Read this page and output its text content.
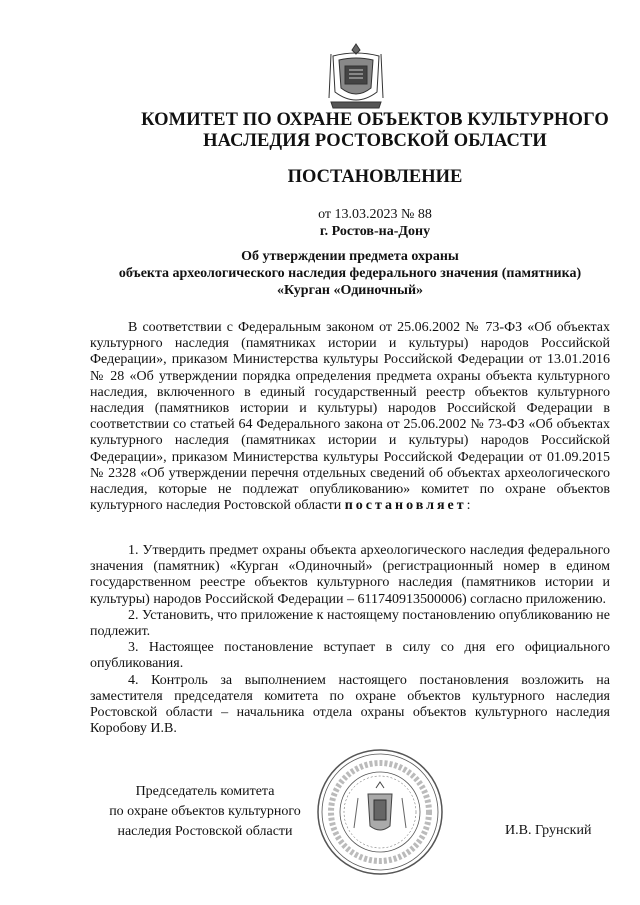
КОМИТЕТ ПО ОХРАНЕ ОБЪЕКТОВ КУЛЬТУРНОГО
НАСЛЕДИЯ РОСТОВСКОЙ ОБЛАСТИ
ПОСТАНОВЛЕНИЕ
от 13.03.2023 № 88
г. Ростов-на-Дону
Об утверждении предмета охраны
объекта археологического наследия федерального значения (памятника)
«Курган «Одиночный»

В соответствии с Федеральным законом от 25.06.2002 № 73-ФЗ «Об объектах культурного наследия (памятниках истории и культуры) народов Российской Федерации», приказом Министерства культуры Российской Федерации от 13.01.2016 № 28 «Об утверждении порядка определения предмета охраны объекта культурного наследия, включенного в единый государственный реестр объектов культурного наследия (памятников истории и культуры) народов Российской Федерации в соответствии со статьей 64 Федерального закона от 25.06.2002 № 73-ФЗ «Об объектах культурного наследия (памятниках истории и культуры) народов Российской Федерации», приказом Министерства культуры Российской Федерации от 01.09.2015 № 2328 «Об утверждении перечня отдельных сведений об объектах археологического наследия, которые не подлежат опубликованию» комитет по охране объектов культурного наследия Ростовской области постановляет:

1. Утвердить предмет охраны объекта археологического наследия федерального значения (памятник) «Курган «Одиночный» (регистрационный номер в едином государственном реестре объектов культурного наследия (памятников истории и культуры) народов Российской Федерации – 611740913500006) согласно приложению.

2. Установить, что приложение к настоящему постановлению опубликованию не подлежит.

3. Настоящее постановление вступает в силу со дня его официального опубликования.

4. Контроль за выполнением настоящего постановления возложить на заместителя председателя комитета по охране объектов культурного наследия Ростовской области – начальника отдела охраны объектов культурного наследия Коробову И.В.

Председатель комитета
по охране объектов культурного
наследия Ростовской области	И.В. Грунский
